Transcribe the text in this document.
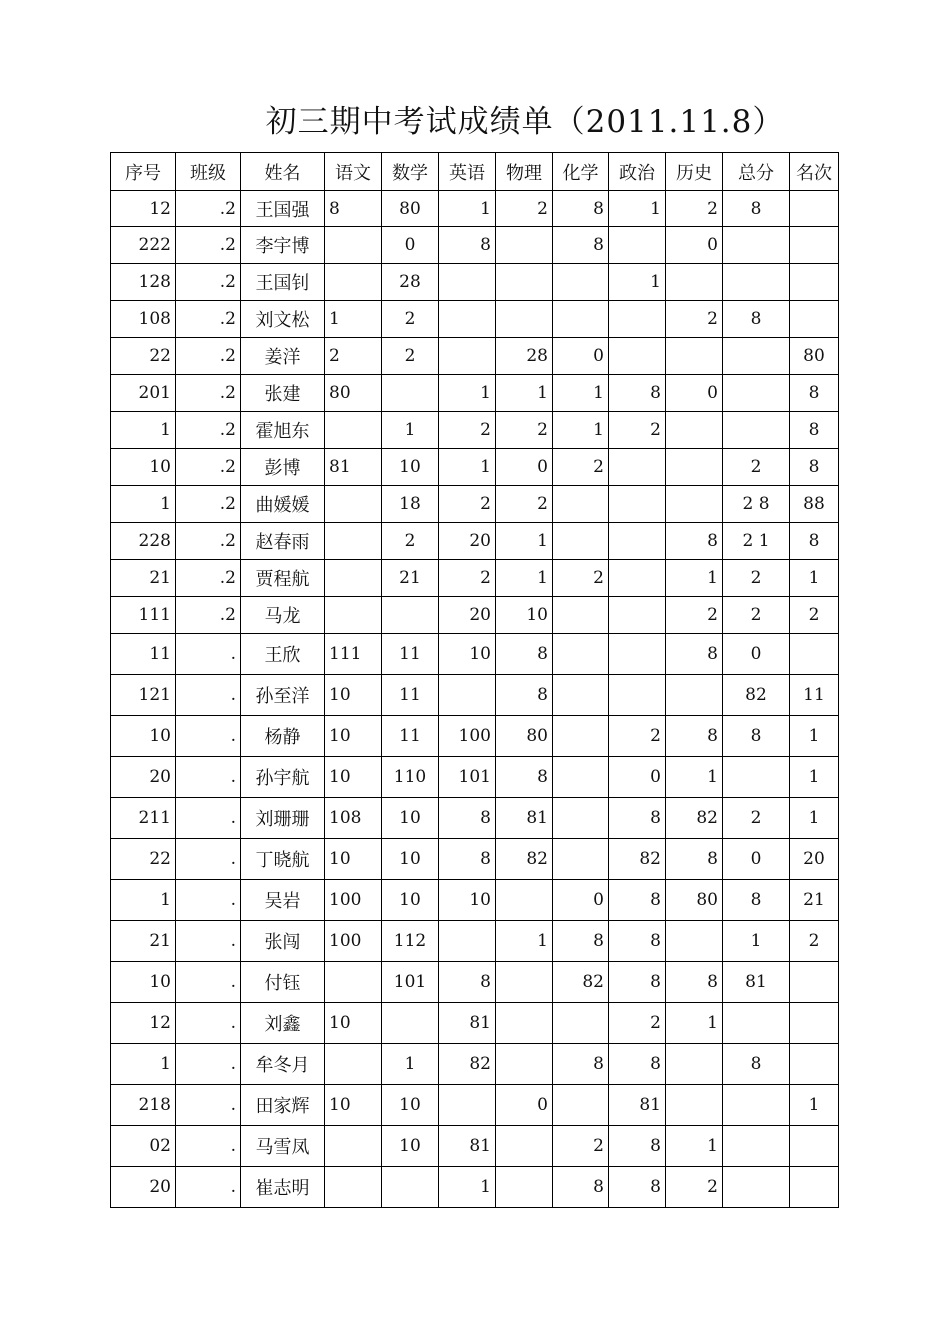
初三期中考试成绩单（2011.11.8）
序号	班级	姓名	语文	数学	英语	物理	化学	政治	历史	总分	名次
12	.2	王国强	8	80	1	2	8	1	2	8	
222	.2	李宇博		0	8		8		0		
128	.2	王国钊		28				1			
108	.2	刘文松	1	2					2	8	
22	.2	姜洋	2	2		28	0				80
201	.2	张建	80		1	1	1	8	0		8
1	.2	霍旭东		1	2	2	1	2			8
10	.2	彭博	81	10	1	0	2			2	8
1	.2	曲媛媛		18	2	2				2 8	88
228	.2	赵春雨		2	20	1			8	2 1	8
21	.2	贾程航		21	2	1	2		1	2	1
111	.2	马龙			20	10			2	2	2
11	.	王欣	111	11	10	8			8	0	
121	.	孙至洋	10	11		8				82	11
10	.	杨静	10	11	100	80		2	8	8	1
20	.	孙宇航	10	110	101	8		0	1		1
211	.	刘珊珊	108	10	8	81		8	82	2	1
22	.	丁晓航	10	10	8	82		82	8	0	20
1	.	吴岩	100	10	10		0	8	80	8	21
21	.	张闯	100	112		1	8	8		1	2
10	.	付钰		101	8		82	8	8	81	
12	.	刘鑫	10		81			2	1		
1	.	牟冬月		1	82		8	8		8	
218	.	田家辉	10	10		0		81			1
02	.	马雪凤		10	81		2	8	1		
20	.	崔志明			1		8	8	2		
